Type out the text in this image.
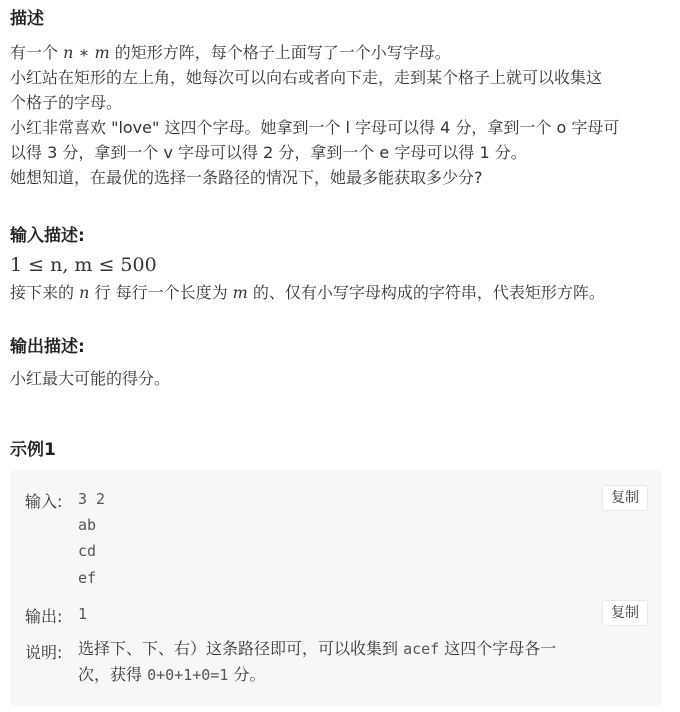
描述

有一个 n ∗ m 的矩形方阵，每个格子上面写了一个小写字母。

小红站在矩形的左上角，她每次可以向右或者向下走，走到某个格子上就可以收集这

个格子的字母。

小红非常喜欢 "love" 这四个字母。她拿到一个 l 字母可以得 4 分，拿到一个 o 字母可

以得 3 分，拿到一个 v 字母可以得 2 分，拿到一个 e 字母可以得 1 分。

她想知道，在最优的选择一条路径的情况下，她最多能获取多少分?

输入描述:

1 ≤ n, m ≤ 500

接下来的 n 行 每行一个长度为 m 的、仅有小写字母构成的字符串，代表矩形方阵。

输出描述:

小红最大可能的得分。

示例1
输入: 3 2
ab
cd
ef
复制
输出: 1	复制
说明: 选择下、下、右）这条路径即可，可以收集到 acef 这四个字母各一
次，获得 0+0+1+0=1 分。
